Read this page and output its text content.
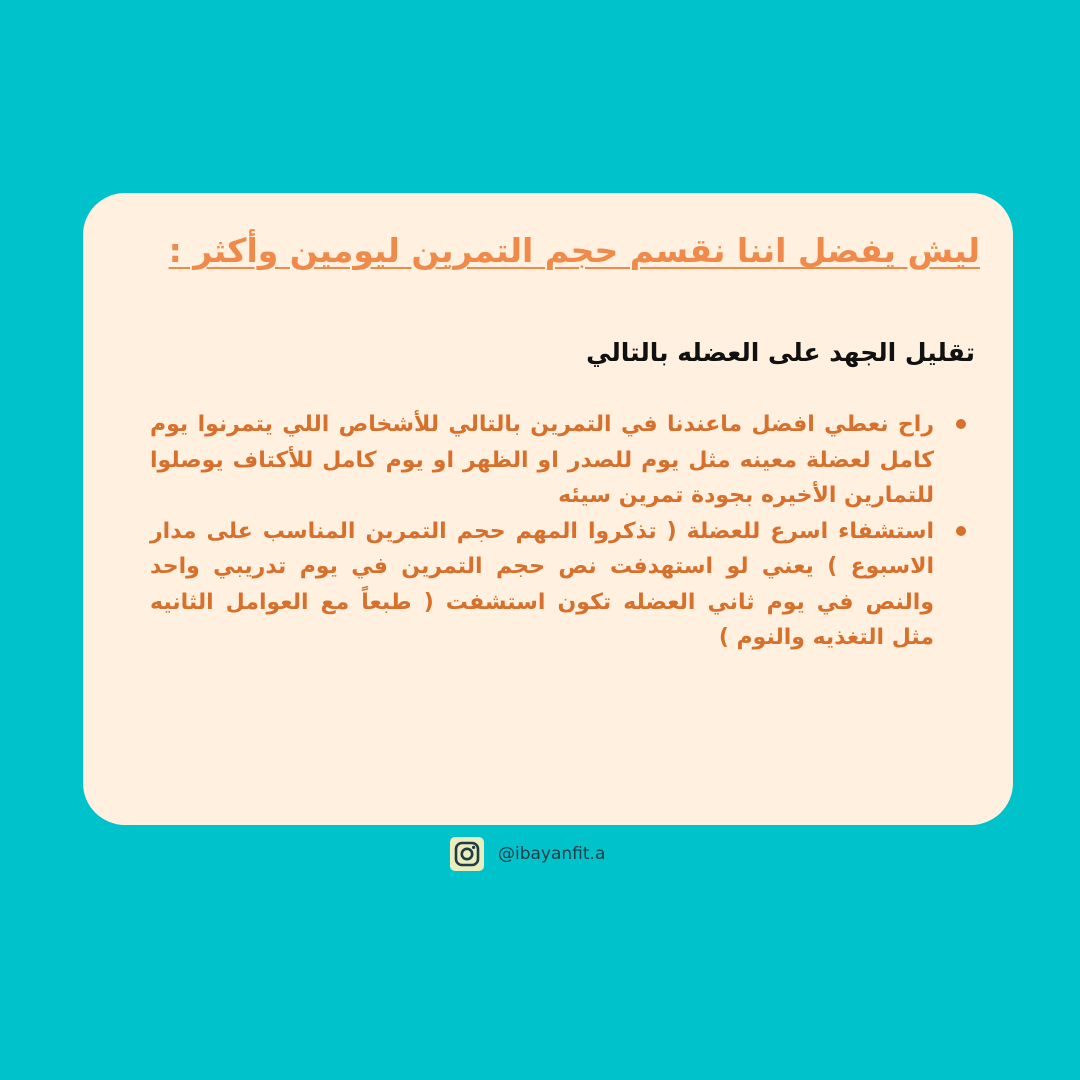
ليش يفضل اننا نقسم حجم التمرين ليومين وأكثر :
تقليل الجهد على العضله بالتالي
راح نعطي افضل ماعندنا في التمرين بالتالي للأشخاص اللي يتمرنوا يوم كامل لعضلة معينه مثل يوم للصدر او الظهر او يوم كامل للأكتاف يوصلوا للتمارين الأخيره بجودة تمرين سيئه
استشفاء اسرع للعضلة ( تذكروا المهم حجم التمرين المناسب على مدار الاسبوع ) يعني لو استهدفت نص حجم التمرين في يوم تدريبي واحد والنص في يوم ثاني العضله تكون استشفت ( طبعاً مع العوامل الثانيه مثل التغذيه والنوم )
@ibayanfit.a
